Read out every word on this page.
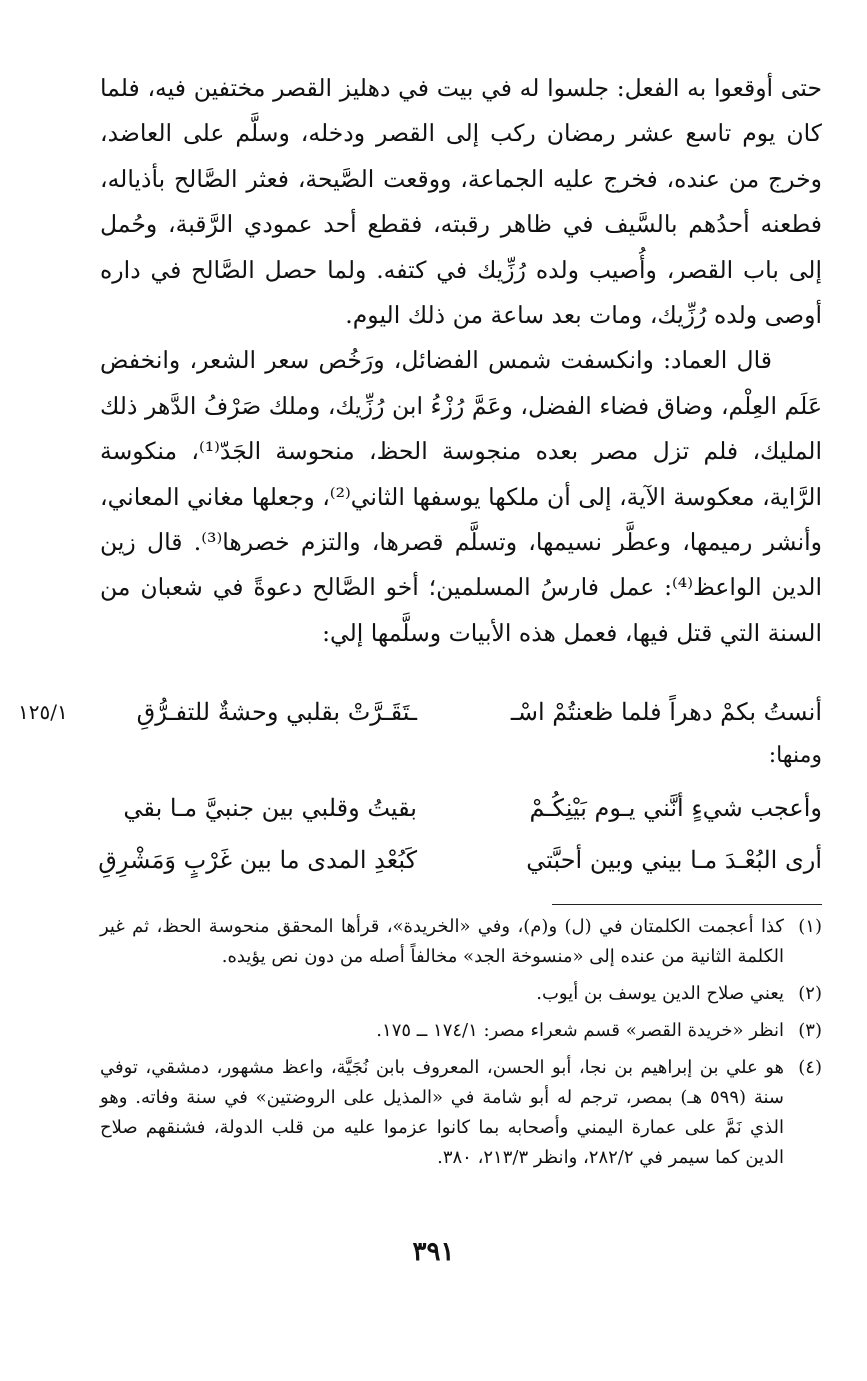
حتى أوقعوا به الفعل: جلسوا له في بيت في دهليز القصر مختفين فيه، فلما كان يوم تاسع عشر رمضان ركب إلى القصر ودخله، وسلَّم على العاضد، وخرج من عنده، فخرج عليه الجماعة، ووقعت الصَّيحة، فعثر الصَّالح بأذياله، فطعنه أحدُهم بالسَّيف في ظاهر رقبته، فقطع أحد عمودي الرَّقبة، وحُمل إلى باب القصر، وأُصيب ولده رُزِّيك في كتفه. ولما حصل الصَّالح في داره أوصى ولده رُزِّيك، ومات بعد ساعة من ذلك اليوم.

قال العماد: وانكسفت شمس الفضائل، ورَخُص سعر الشعر، وانخفض عَلَم العِلْم، وضاق فضاء الفضل، وعَمَّ رُزْءُ ابن رُزِّيك، وملك صَرْفُ الدَّهر ذلك المليك، فلم تزل مصر بعده منجوسة الحظ، منحوسة الجَدّ⁽¹⁾، منكوسة الرَّاية، معكوسة الآية، إلى أن ملكها يوسفها الثاني⁽²⁾، وجعلها مغاني المعاني، وأنشر رميمها، وعطَّر نسيمها، وتسلَّم قصرها، والتزم خصرها⁽³⁾. قال زين الدين الواعظ⁽⁴⁾: عمل فارسُ المسلمين؛ أخو الصَّالح دعوةً في شعبان من السنة التي قتل فيها، فعمل هذه الأبيات وسلَّمها إلي:

١٢٥/١	أنستُ بكمْ دهراً فلما ظعنتُمْ اسْـ
ـتَقَـرَّتْ بقلبي وحشةٌ للتفـرُّقِ
ومنها:
وأعجب شيءٍ أنَّني يـوم بَيْنِكُـمْ
بقيتُ وقلبي بين جنبيَّ مـا بقي
أرى البُعْـدَ مـا بيني وبين أحبَّتي
كَبُعْدِ المدى ما بين غَرْبٍ وَمَشْرِقِ
(١)
كذا أعجمت الكلمتان في (ل) و(م)، وفي «الخريدة»، قرأها المحقق منحوسة الحظ، ثم غير الكلمة الثانية من عنده إلى «منسوخة الجد» مخالفاً أصله من دون نص يؤيده.
(٢)
يعني صلاح الدين يوسف بن أيوب.
(٣)
انظر «خريدة القصر» قسم شعراء مصر: ١٧٤/١ ــ ١٧٥.
(٤)
هو علي بن إبراهيم بن نجا، أبو الحسن، المعروف بابن نُجَيَّة، واعظ مشهور، دمشقي، توفي سنة (٥٩٩ هـ) بمصر، ترجم له أبو شامة في «المذيل على الروضتين» في سنة وفاته. وهو الذي نَمَّ على عمارة اليمني وأصحابه بما كانوا عزموا عليه من قلب الدولة، فشنقهم صلاح الدين كما سيمر في ٢٨٢/٢، وانظر ٢١٣/٣، ٣٨٠.
٣٩١
